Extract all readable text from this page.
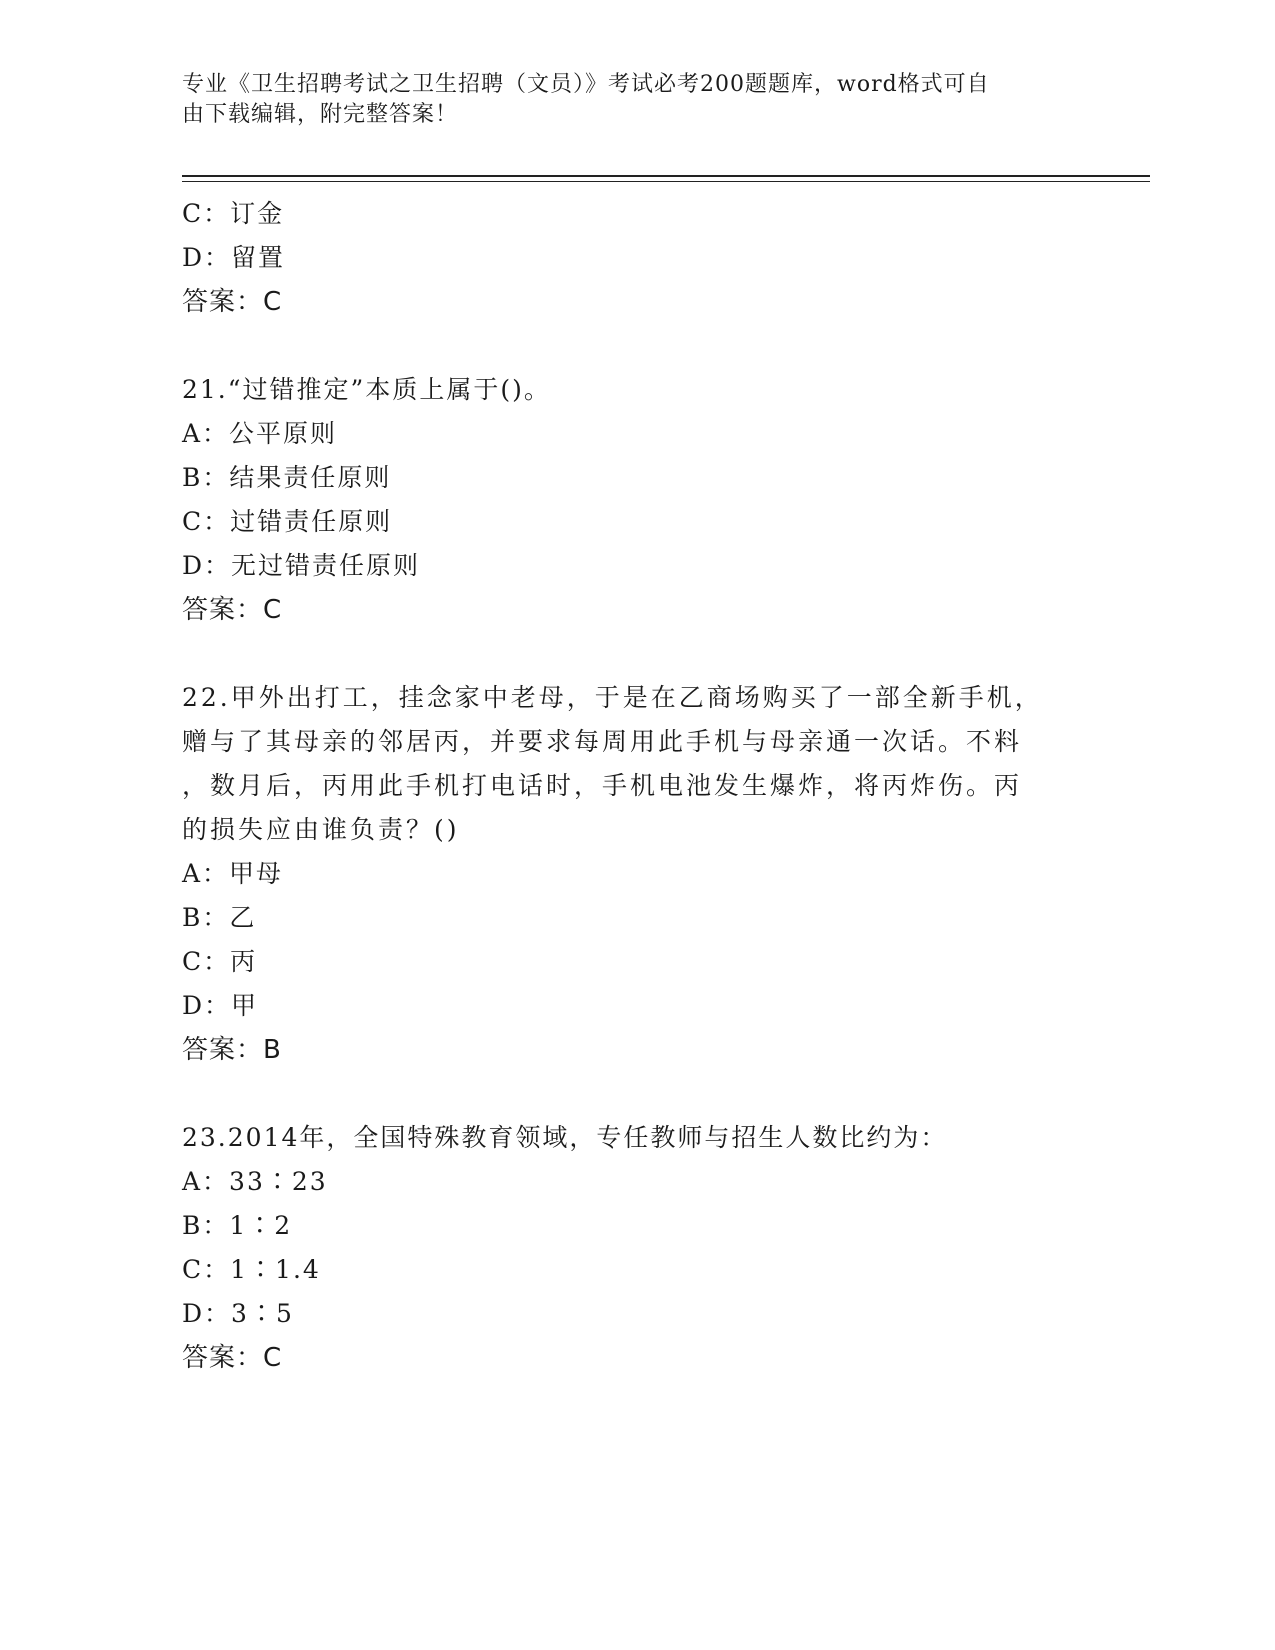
专业《卫生招聘考试之卫生招聘（文员）》考试必考200题题库，word格式可自
由下载编辑，附完整答案！
C：订金
D：留置
答案：C
21.“过错推定”本质上属于()。
A：公平原则
B：结果责任原则
C：过错责任原则
D：无过错责任原则
答案：C
22.甲外出打工，挂念家中老母，于是在乙商场购买了一部全新手机，
赠与了其母亲的邻居丙，并要求每周用此手机与母亲通一次话。不料
，数月后，丙用此手机打电话时，手机电池发生爆炸，将丙炸伤。丙
的损失应由谁负责？()
A：甲母
B：乙
C：丙
D：甲
答案：B
23.2014年，全国特殊教育领域，专任教师与招生人数比约为：
A：33∶23
B：1∶2
C：1∶1.4
D：3∶5
答案：C
